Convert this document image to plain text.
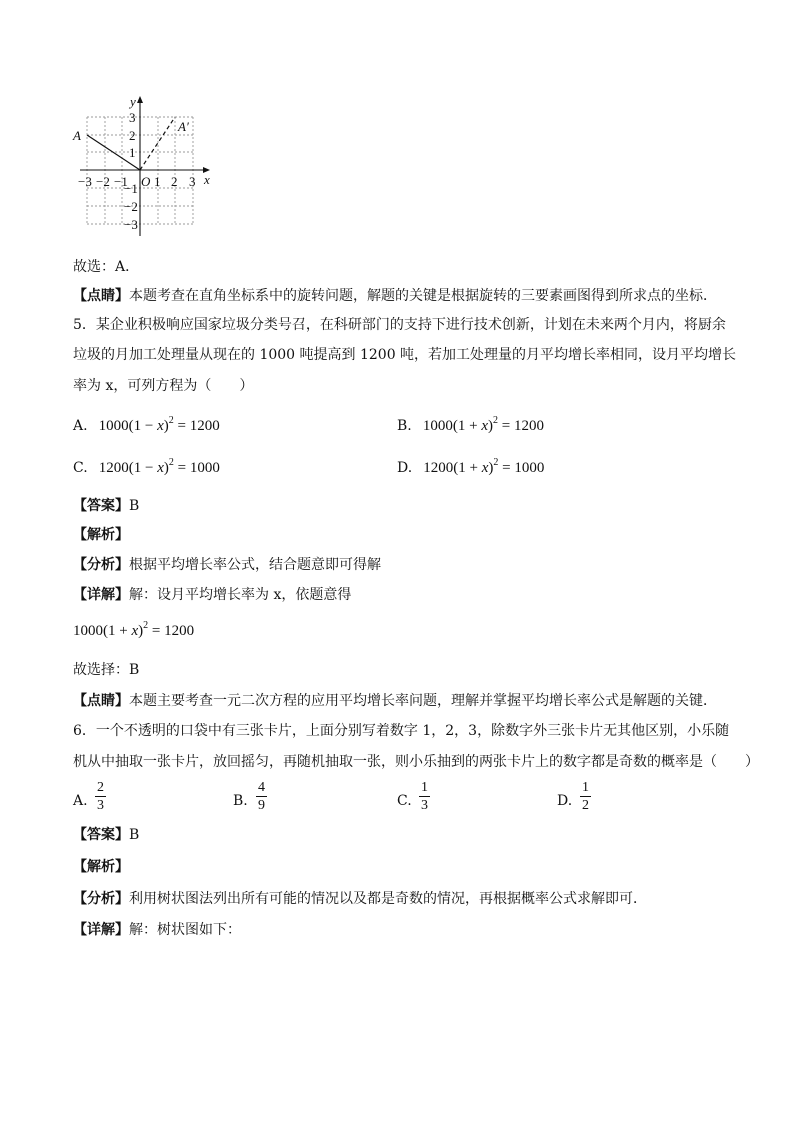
y
x
O
A
A′
−3 −2 −1 1 2 3
3
2
1
−1
−2
−3
故选：A．
【点睛】本题考查在直角坐标系中的旋转问题，解题的关键是根据旋转的三要素画图得到所求点的坐标．
5．某企业积极响应国家垃圾分类号召，在科研部门的支持下进行技术创新，计划在未来两个月内，将厨余
垃圾的月加工处理量从现在的 1000 吨提高到 1200 吨，若加工处理量的月平均增长率相同，设月平均增长
率为 x，可列方程为（　　）
A. $1000(1 - x)^2 = 1200$	B. $1000(1 + x)^2 = 1200$
C. $1200(1 - x)^2 = 1000$	D. $1200(1 + x)^2 = 1000$
【答案】B
【解析】
【分析】根据平均增长率公式，结合题意即可得解
【详解】解：设月平均增长率为 x，依题意得
$1000(1 + x)^2 = 1200$
故选择：B
【点睛】本题主要考查一元二次方程的应用平均增长率问题，理解并掌握平均增长率公式是解题的关键．
6．一个不透明的口袋中有三张卡片，上面分别写着数字 1，2，3，除数字外三张卡片无其他区别，小乐随
机从中抽取一张卡片，放回摇匀，再随机抽取一张，则小乐抽到的两张卡片上的数字都是奇数的概率是（　　）
A.
2
3	B.
4
9	C.
1
3	D.
1
2
【答案】B
【解析】
【分析】利用树状图法列出所有可能的情况以及都是奇数的情况，再根据概率公式求解即可．
【详解】解：树状图如下：
